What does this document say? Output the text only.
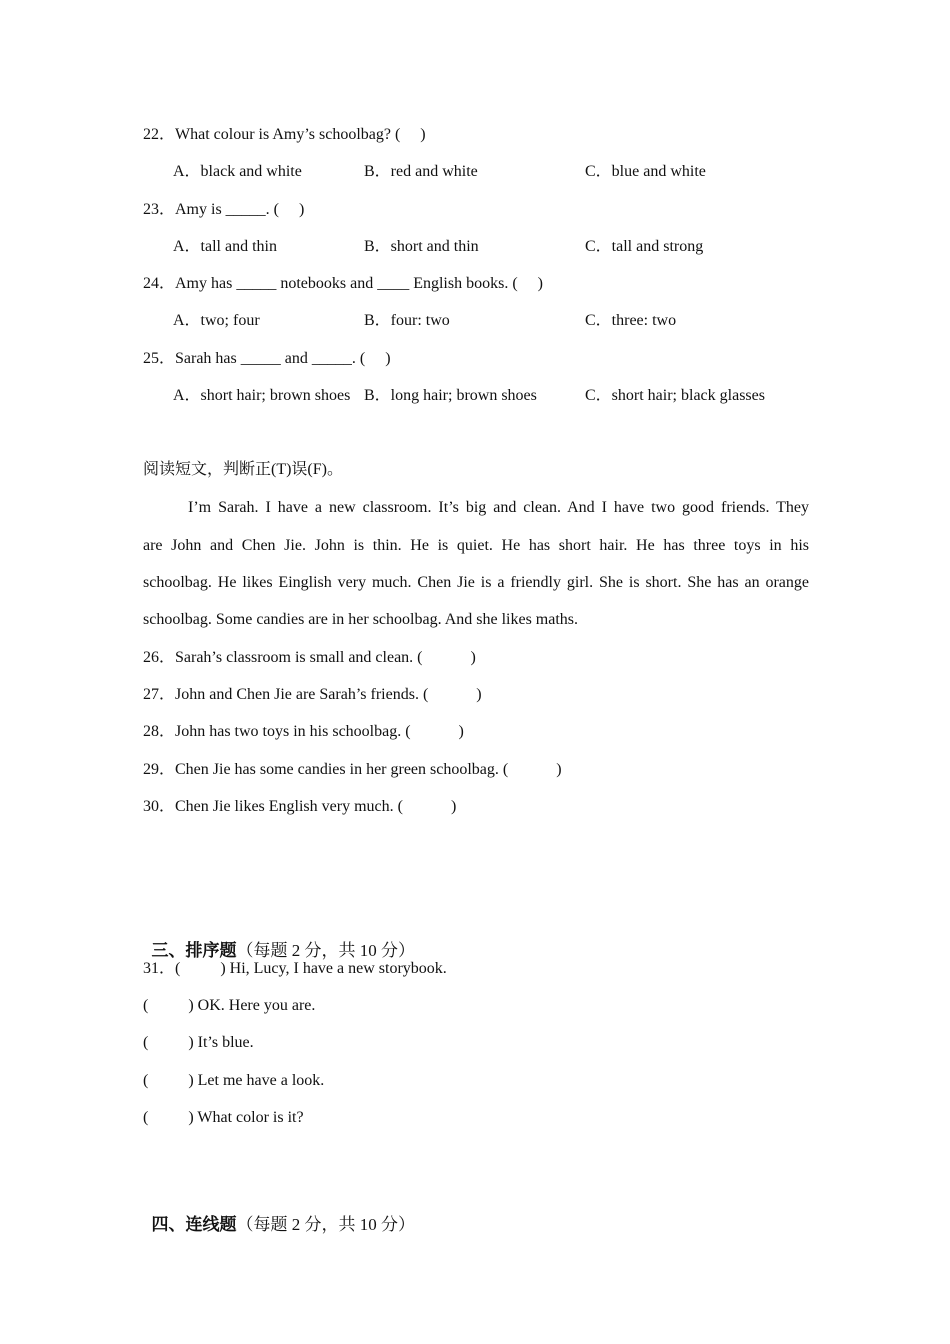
22．What colour is Amy’s schoolbag? (     )
A．black and white	B．red and white	C．blue and white
23．Amy is _____. (     )
A．tall and thin	B．short and thin	C．tall and strong
24．Amy has _____ notebooks and ____ English books. (     )
A．two; four	B．four: two	C．three: two
25．Sarah has _____ and _____. (     )
A．short hair; brown shoes B．long hair; brown shoes	C．short hair; black glasses
阅读短文，判断正(T)误(F)。
I’m Sarah. I have a new classroom. It’s big and clean. And I have two good friends. They
are John and Chen Jie. John is thin. He is quiet. He has short hair. He has three toys in his
schoolbag. He likes Einglish very much. Chen Jie is a friendly girl. She is short. She has an orange
schoolbag. Some candies are in her schoolbag. And she likes maths.
26．Sarah’s classroom is small and clean. (            )
27．John and Chen Jie are Sarah’s friends. (            )
28．John has two toys in his schoolbag. (            )
29．Chen Jie has some candies in her green schoolbag. (            )
30．Chen Jie likes English very much. (            )

三、排序题（每题 2 分，共 10 分）

31．(          ) Hi, Lucy, I have a new storybook.
(          ) OK. Here you are.
(          ) It’s blue.
(          ) Let me have a look.
(          ) What color is it?

四、连线题（每题 2 分，共 10 分）
